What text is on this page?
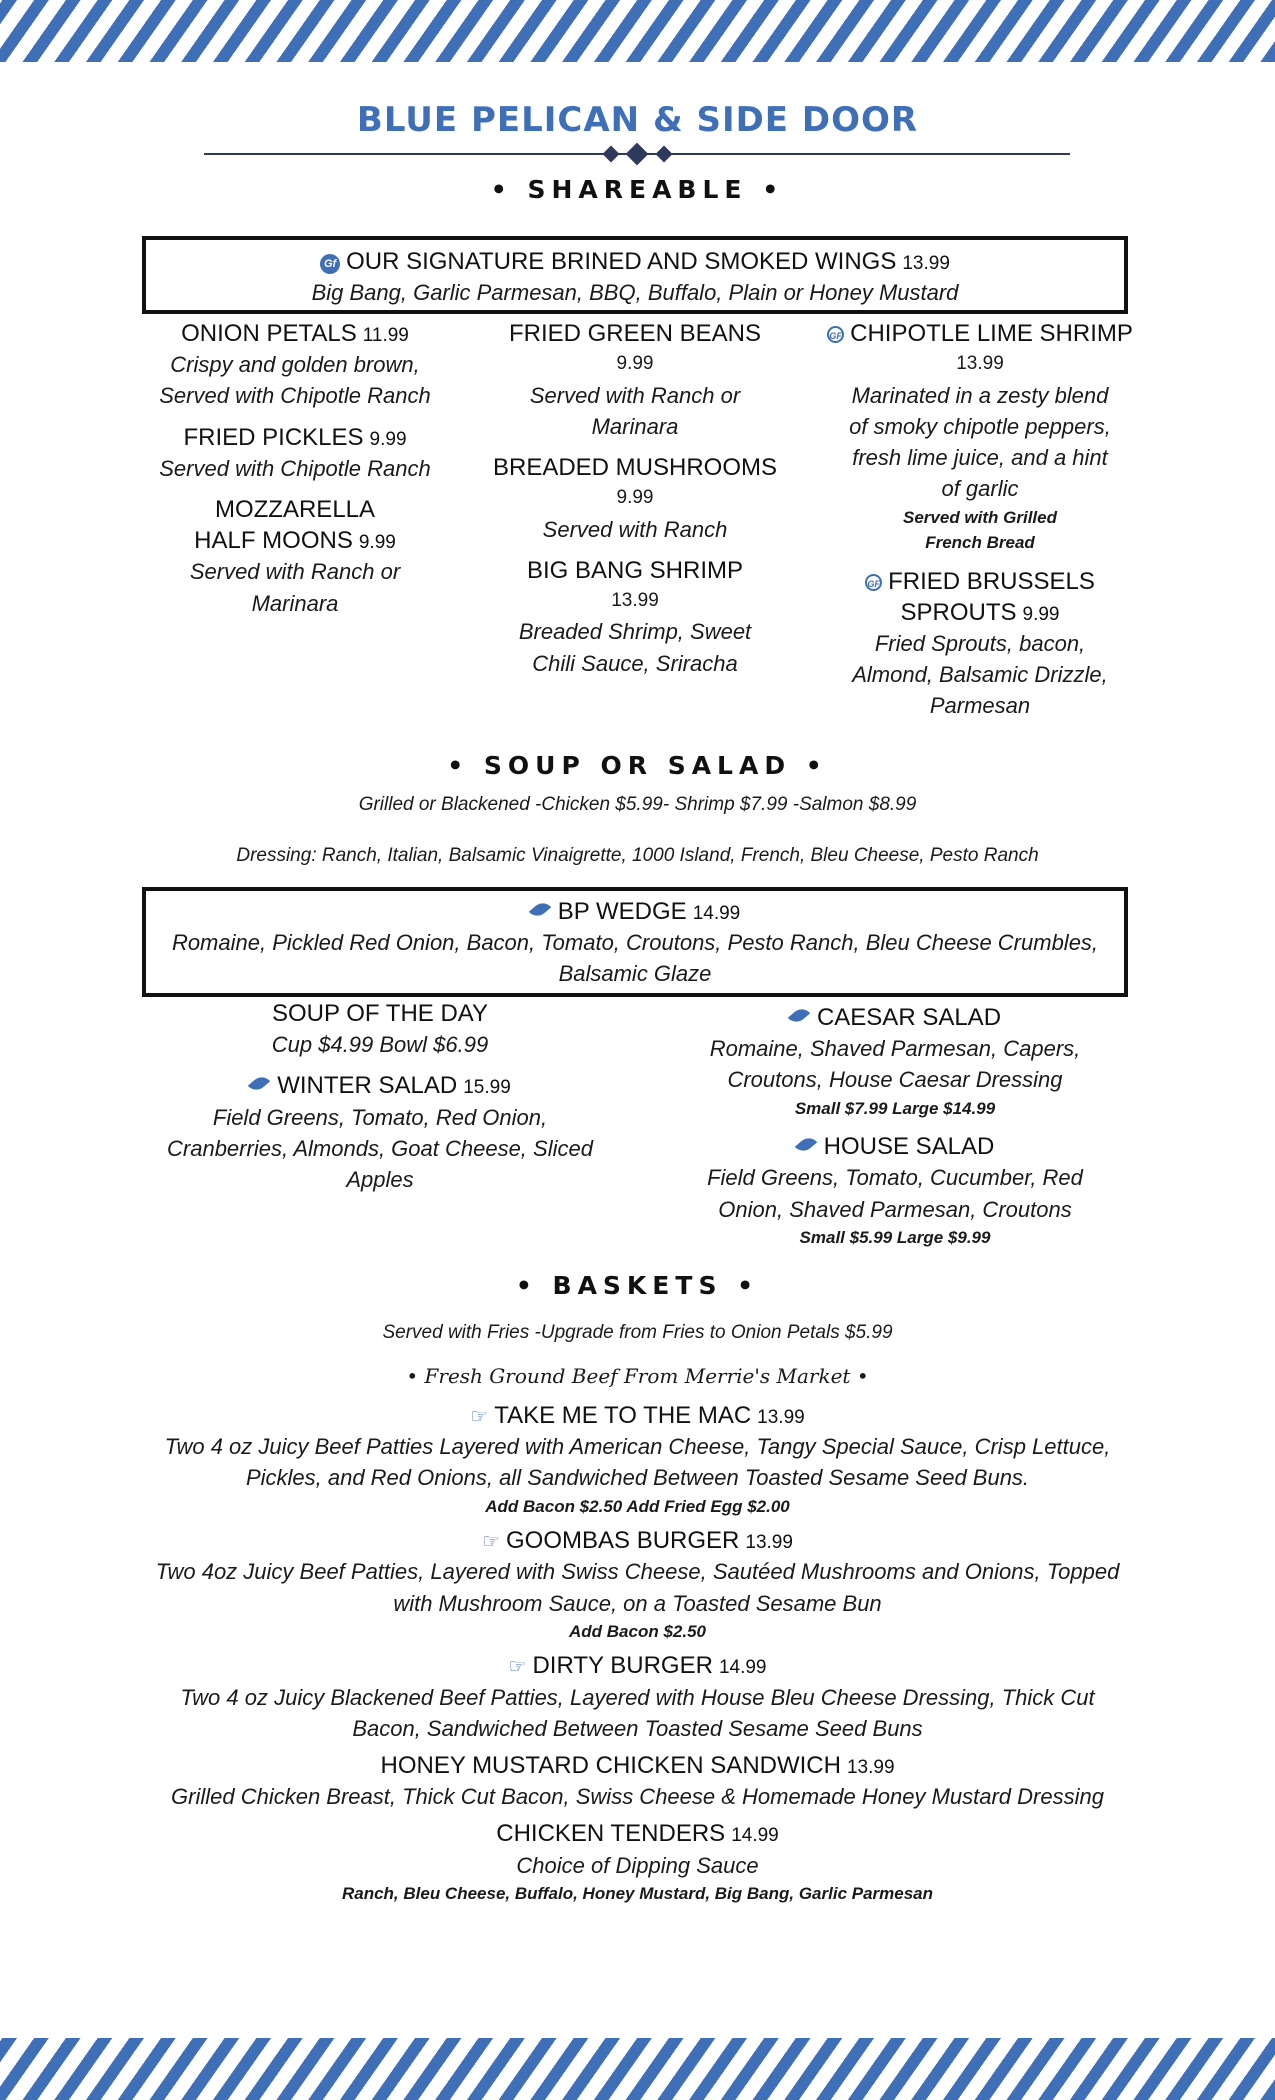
BLUE PELICAN & SIDE DOOR
• SHAREABLE •
Gf OUR SIGNATURE BRINED AND SMOKED WINGS 13.99
Big Bang, Garlic Parmesan, BBQ, Buffalo, Plain or Honey Mustard
ONION PETALS 11.99
Crispy and golden brown, Served with Chipotle Ranch
FRIED PICKLES 9.99
Served with Chipotle Ranch
MOZZARELLA HALF MOONS 9.99
Served with Ranch or Marinara
FRIED GREEN BEANS
9.99
Served with Ranch or Marinara
BREADED MUSHROOMS
9.99
Served with Ranch
BIG BANG SHRIMP
13.99
Breaded Shrimp, Sweet Chili Sauce, Sriracha
GF CHIPOTLE LIME SHRIMP
13.99
Marinated in a zesty blend of smoky chipotle peppers, fresh lime juice, and a hint of garlic
Served with Grilled French Bread
GF FRIED BRUSSELS SPROUTS 9.99
Fried Sprouts, bacon, Almond, Balsamic Drizzle, Parmesan
• SOUP OR SALAD •
Grilled or Blackened -Chicken $5.99- Shrimp $7.99 -Salmon $8.99
Dressing: Ranch, Italian, Balsamic Vinaigrette, 1000 Island, French, Bleu Cheese, Pesto Ranch
BP WEDGE 14.99
Romaine, Pickled Red Onion, Bacon, Tomato, Croutons, Pesto Ranch, Bleu Cheese Crumbles, Balsamic Glaze
SOUP OF THE DAY
Cup $4.99 Bowl $6.99
WINTER SALAD 15.99
Field Greens, Tomato, Red Onion, Cranberries, Almonds, Goat Cheese, Sliced Apples
CAESAR SALAD
Romaine, Shaved Parmesan, Capers, Croutons, House Caesar Dressing
Small $7.99 Large $14.99
HOUSE SALAD
Field Greens, Tomato, Cucumber, Red Onion, Shaved Parmesan, Croutons
Small $5.99 Large $9.99
• BASKETS •
Served with Fries -Upgrade from Fries to Onion Petals $5.99
• Fresh Ground Beef From Merrie's Market •
☞ TAKE ME TO THE MAC 13.99
Two 4 oz Juicy Beef Patties Layered with American Cheese, Tangy Special Sauce, Crisp Lettuce, Pickles, and Red Onions, all Sandwiched Between Toasted Sesame Seed Buns.
Add Bacon $2.50 Add Fried Egg $2.00
☞ GOOMBAS BURGER 13.99
Two 4oz Juicy Beef Patties, Layered with Swiss Cheese, Sautéed Mushrooms and Onions, Topped with Mushroom Sauce, on a Toasted Sesame Bun
Add Bacon $2.50
☞ DIRTY BURGER 14.99
Two 4 oz Juicy Blackened Beef Patties, Layered with House Bleu Cheese Dressing, Thick Cut Bacon, Sandwiched Between Toasted Sesame Seed Buns
HONEY MUSTARD CHICKEN SANDWICH 13.99
Grilled Chicken Breast, Thick Cut Bacon, Swiss Cheese & Homemade Honey Mustard Dressing
CHICKEN TENDERS 14.99
Choice of Dipping Sauce
Ranch, Bleu Cheese, Buffalo, Honey Mustard, Big Bang, Garlic Parmesan
